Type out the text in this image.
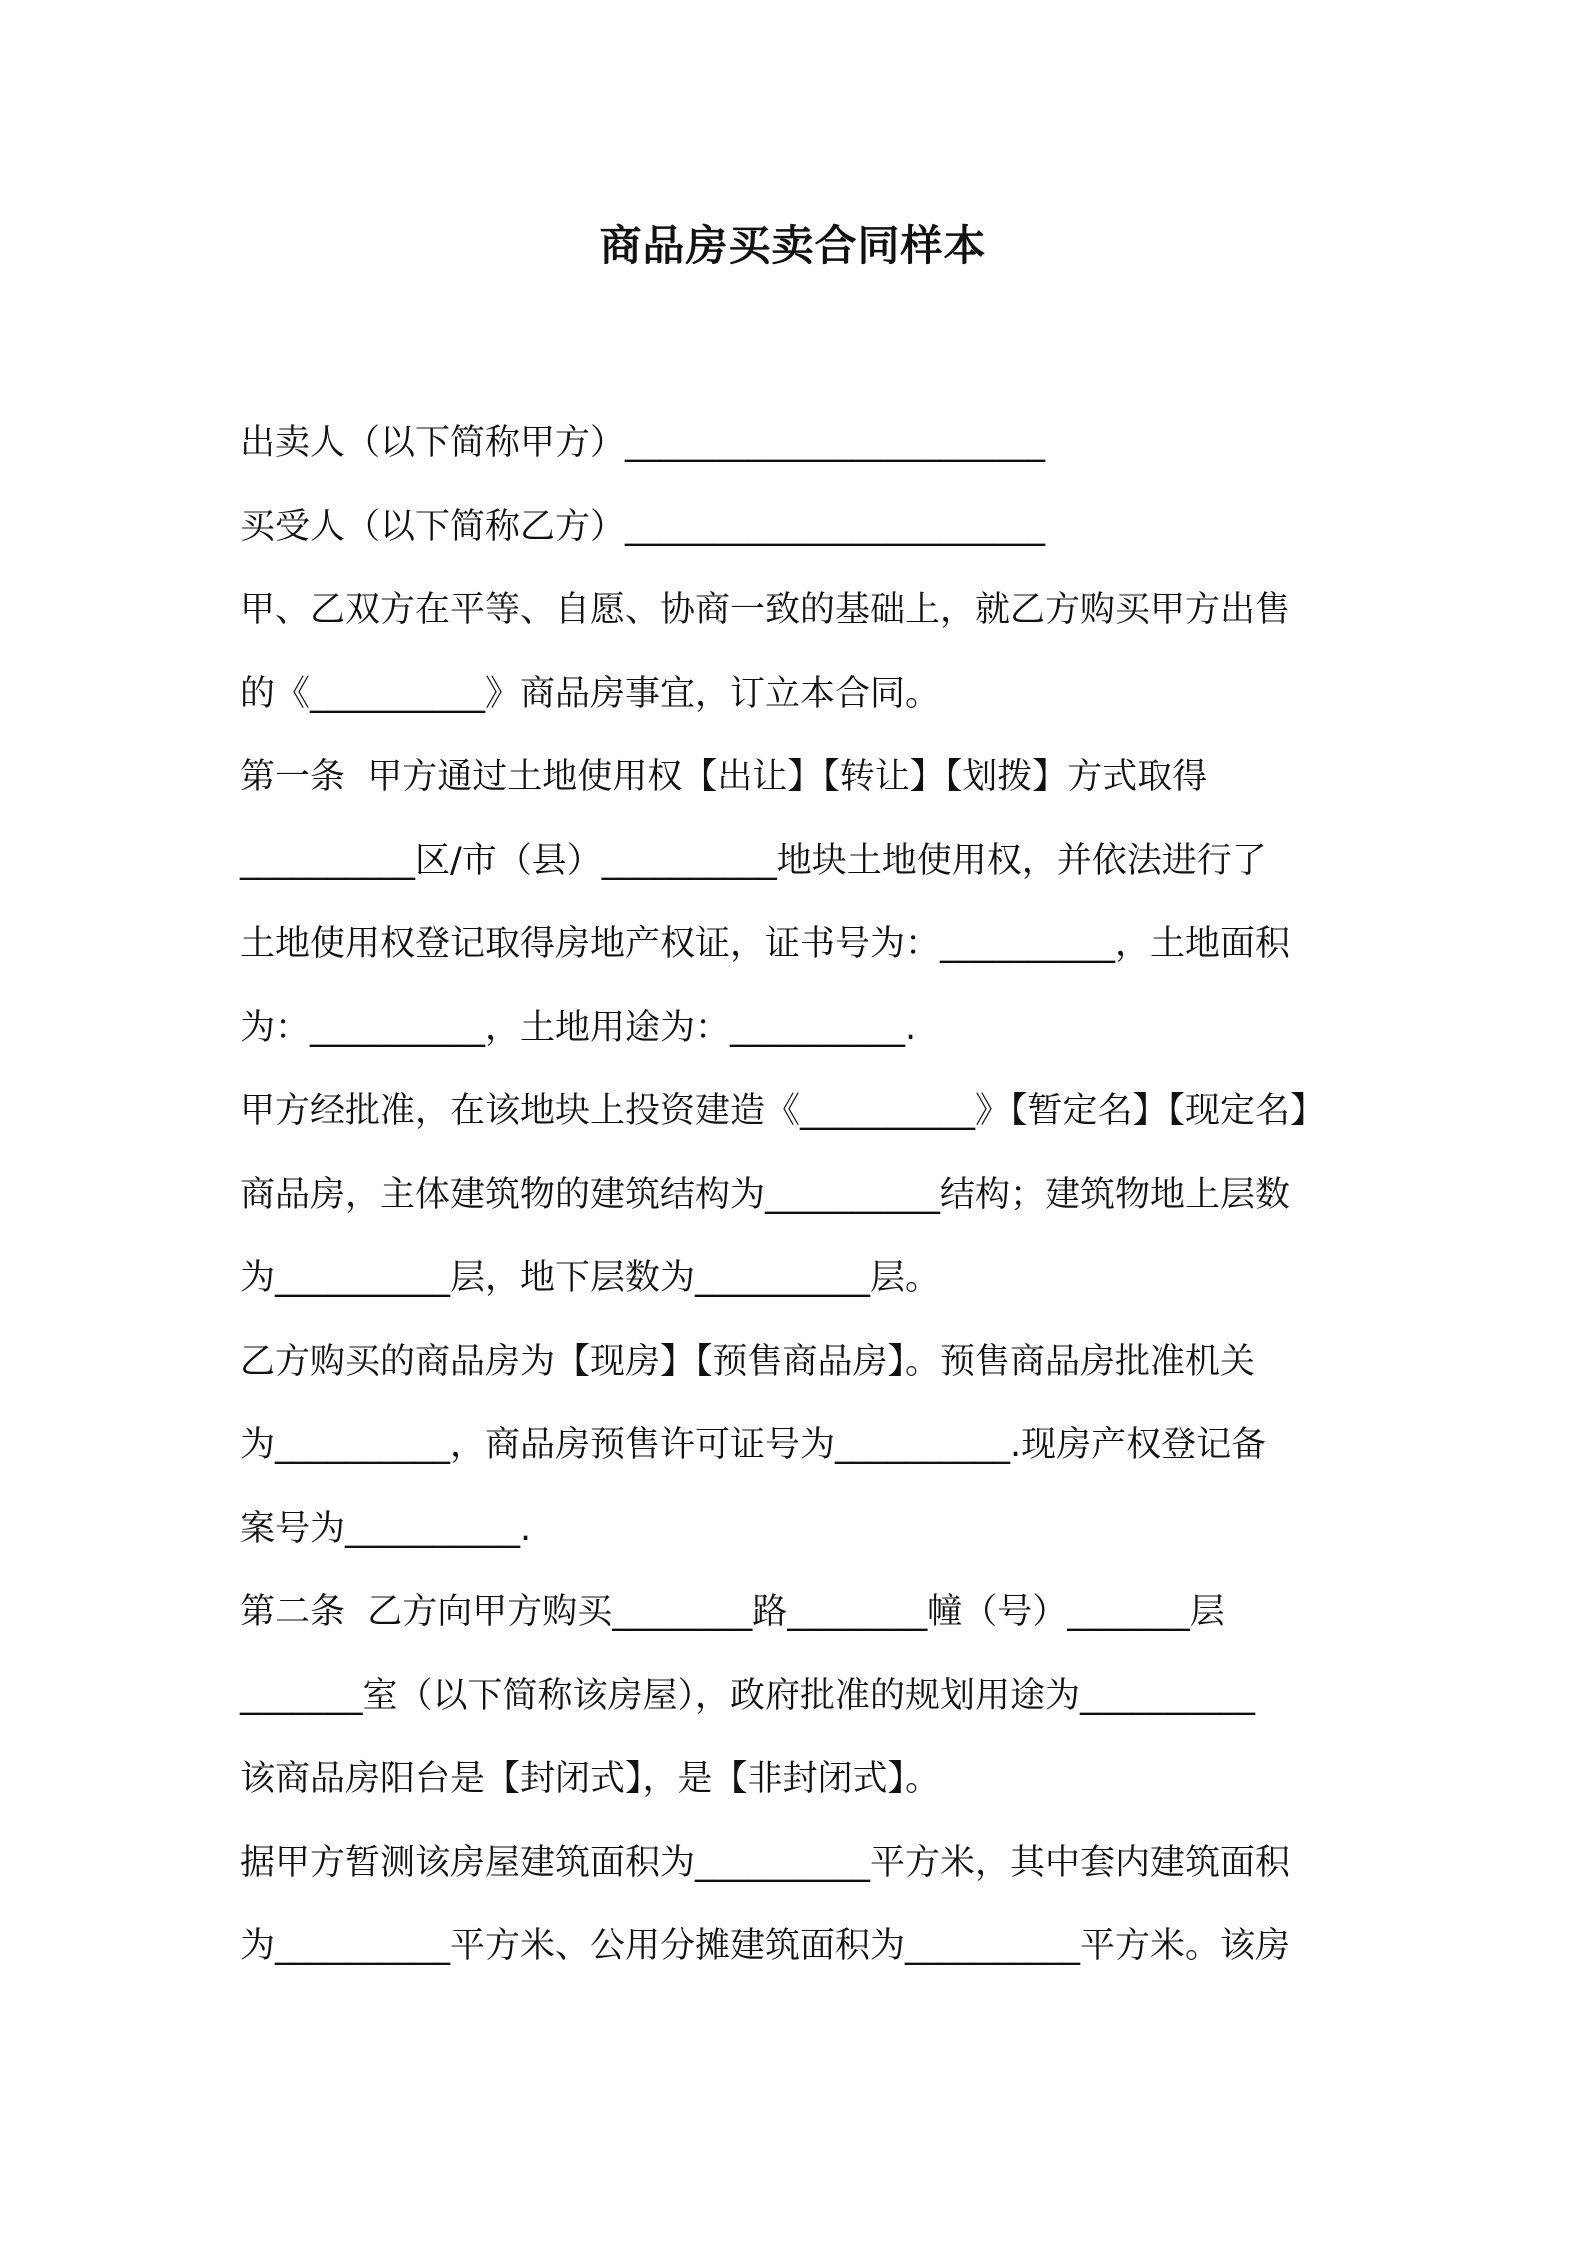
商品房买卖合同样本

出卖人（以下简称甲方）________________________

买受人（以下简称乙方）________________________

甲、乙双方在平等、自愿、协商一致的基础上，就乙方购买甲方出售

的《__________》商品房事宜，订立本合同。

第一条  甲方通过土地使用权【出让】【转让】【划拨】方式取得

__________区/市（县）__________地块土地使用权，并依法进行了

土地使用权登记取得房地产权证，证书号为：__________，土地面积

为：__________，土地用途为：__________.

甲方经批准，在该地块上投资建造《__________》【暂定名】【现定名】

商品房，主体建筑物的建筑结构为__________结构；建筑物地上层数

为__________层，地下层数为__________层。

乙方购买的商品房为【现房】【预售商品房】。预售商品房批准机关

为__________，商品房预售许可证号为__________.现房产权登记备

案号为__________.

第二条  乙方向甲方购买________路________幢（号）_______层

_______室（以下简称该房屋），政府批准的规划用途为__________

该商品房阳台是【封闭式】，是【非封闭式】。

据甲方暂测该房屋建筑面积为__________平方米，其中套内建筑面积

为__________平方米、公用分摊建筑面积为__________平方米。该房
